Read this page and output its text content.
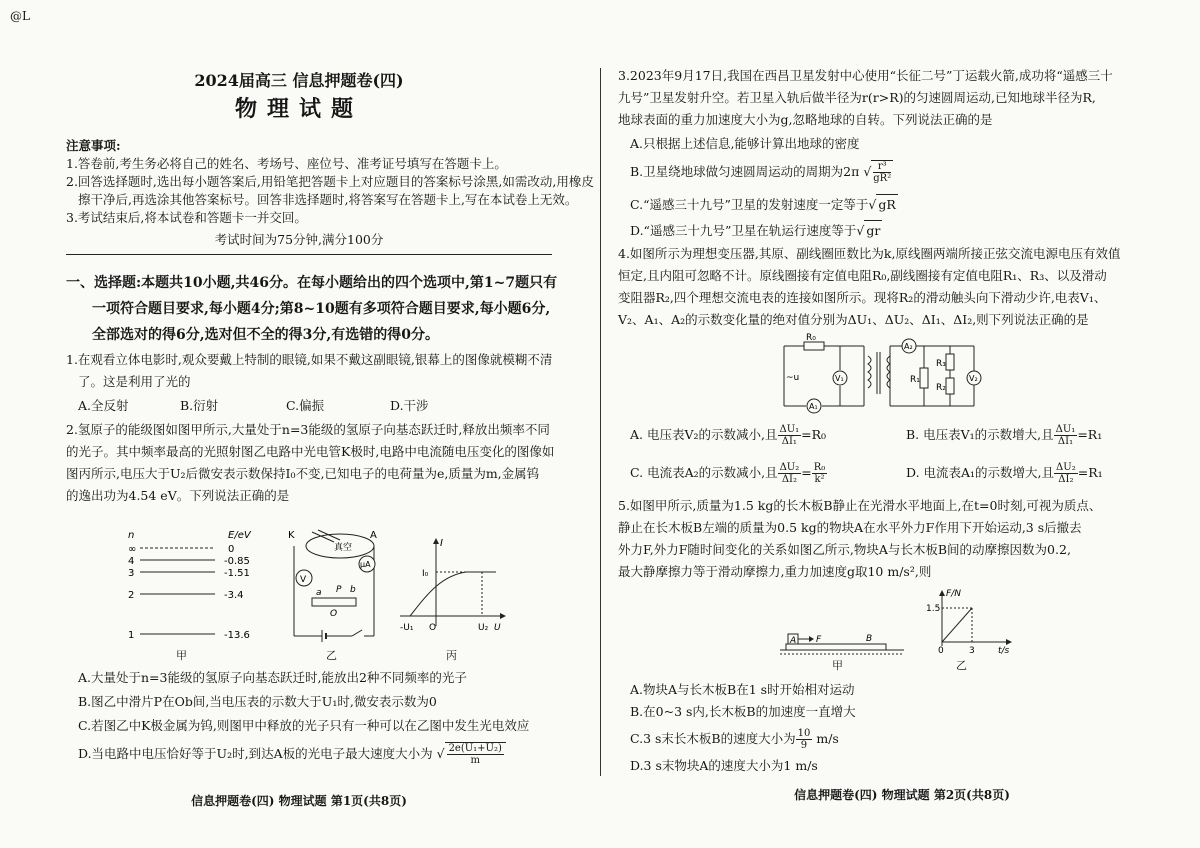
@L
2024届高三 信息押题卷(四)
物理试题
注意事项:
1.答卷前,考生务必将自己的姓名、考场号、座位号、准考证号填写在答题卡上。
2.回答选择题时,选出每小题答案后,用铅笔把答题卡上对应题目的答案标号涂黑,如需改动,用橡皮
擦干净后,再选涂其他答案标号。回答非选择题时,将答案写在答题卡上,写在本试卷上无效。
3.考试结束后,将本试卷和答题卡一并交回。
考试时间为75分钟,满分100分
一、选择题:本题共10小题,共46分。在每小题给出的四个选项中,第1~7题只有
一项符合题目要求,每小题4分;第8~10题有多项符合题目要求,每小题6分,
全部选对的得6分,选对但不全的得3分,有选错的得0分。
1.在观看立体电影时,观众要戴上特制的眼镜,如果不戴这副眼镜,银幕上的图像就模糊不清
了。这是利用了光的
A.全反射	B.衍射	C.偏振	D.干涉
2.氢原子的能级图如图甲所示,大量处于n=3能级的氢原子向基态跃迁时,释放出频率不同
的光子。其中频率最高的光照射图乙电路中光电管K极时,电路中电流随电压变化的图像如
图丙所示,电压大于U₂后微安表示数保持I₀不变,已知电子的电荷量为e,质量为m,金属钨
的逸出功为4.54 eV。下列说法正确的是
n	E/eV
∞	0
4	-0.85
3	-1.51
2	-3.4
1	-13.6
甲
K	A
真空
V
μA
a P b
O
乙
I
I₀
-U₁ O	U₂ U
丙
A.大量处于n=3能级的氢原子向基态跃迁时,能放出2种不同频率的光子
B.图乙中滑片P在Ob间,当电压表的示数大于U₁时,微安表示数为0
C.若图乙中K极金属为钨,则图甲中释放的光子只有一种可以在乙图中发生光电效应
D.当电路中电压恰好等于U₂时,到达A板的光电子最大速度大小为 √ $\frac{\text{2e(U₁+U₂)}}{m}$
信息押题卷(四) 物理试题 第1页(共8页)
3.2023年9月17日,我国在西昌卫星发射中心使用“长征二号”丁运载火箭,成功将“遥感三十
九号”卫星发射升空。若卫星入轨后做半径为r(r>R)的匀速圆周运动,已知地球半径为R,
地球表面的重力加速度大小为g,忽略地球的自转。下列说法正确的是
A.只根据上述信息,能够计算出地球的密度
B.卫星绕地球做匀速圆周运动的周期为2π √ $\frac{\text{r³}}{\text{gR²}}$
C.“遥感三十九号”卫星的发射速度一定等于√ gR
D.“遥感三十九号”卫星在轨运行速度等于√ gr
4.如图所示为理想变压器,其原、副线圈匝数比为k,原线圈两端所接正弦交流电源电压有效值
恒定,且内阻可忽略不计。原线圈接有定值电阻R₀,副线圈接有定值电阻R₁、R₃、以及滑动
变阻器R₂,四个理想交流电表的连接如图所示。现将R₂的滑动触头向下滑动少许,电表V₁、
V₂、A₁、A₂的示数变化量的绝对值分别为ΔU₁、ΔU₂、ΔI₁、ΔI₂,则下列说法正确的是
R₀
~u	V₁
A₁
A₂
R₁
R₃
R₂
V₂
A. 电压表V₂的示数减小,且 $\frac{\text{ΔU₁}}{\text{ΔI₁}} =R_0$	B. 电压表V₁的示数增大,且 $\frac{\text{ΔU₁}}{\text{ΔI₁}} =R_1$
C. 电流表A₂的示数减小,且 $\frac{\text{ΔU₂}}{\text{ΔI₂}} = \frac{\text{R₀}}{\text{k²}}$	D. 电流表A₁的示数增大,且 $\frac{\text{ΔU₂}}{\text{ΔI₂}} =R_1$
5.如图甲所示,质量为1.5 kg的长木板B静止在光滑水平地面上,在t=0时刻,可视为质点、
静止在长木板B左端的质量为0.5 kg的物块A在水平外力F作用下开始运动,3 s后撤去
外力F,外力F随时间变化的关系如图乙所示,物块A与长木板B间的动摩擦因数为0.2,
最大静摩擦力等于滑动摩擦力,重力加速度g取10 m/s²,则
A F	B
甲
F/N
1.5
0	3	t/s
乙
A.物块A与长木板B在1 s时开始相对运动
B.在0~3 s内,长木板B的加速度一直增大
C.3 s末长木板B的速度大小为 $\frac{10}{9} m/s$
D.3 s末物块A的速度大小为1 m/s
信息押题卷(四) 物理试题 第2页(共8页)
